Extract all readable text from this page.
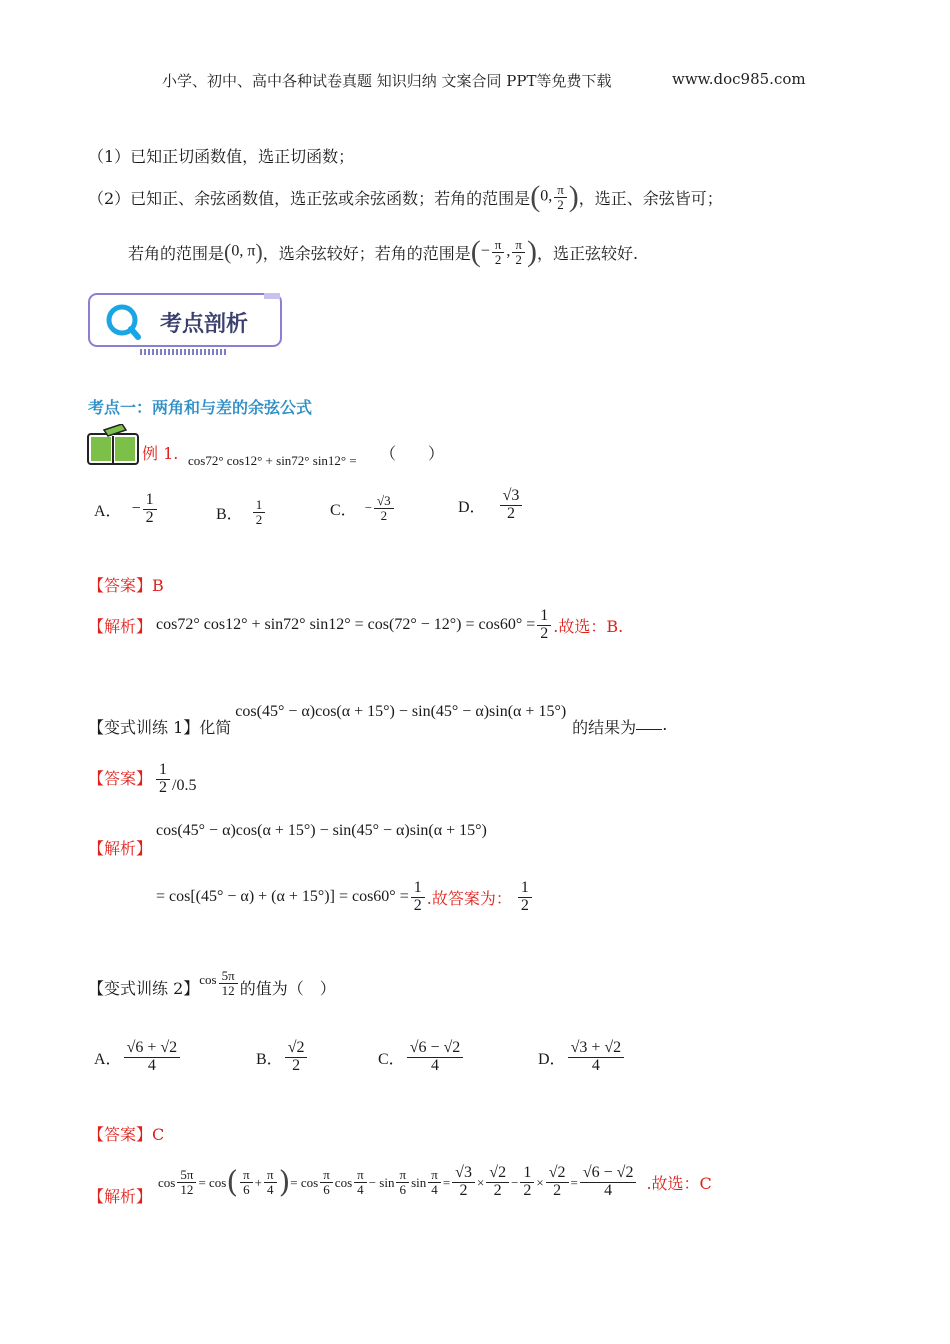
小学、初中、高中各种试卷真题 知识归纳 文案合同 PPT等免费下载	www.doc985.com
（1）已知正切函数值，选正切函数；
（2）已知正、余弦函数值，选正弦或余弦函数；若角的范围是 (0, $\frac{\pi}{2}$ ) ，选正、余弦皆可；
若角的范围是 (0, π) ，选余弦较好；若角的范围是 (− $\frac{\pi}{2}$ , $\frac{\pi}{2}$ ) ，选正弦较好.
考点剖析
考点一：两角和与差的余弦公式
例 1. cos72° cos12° + sin72° sin12° = （　　）
A． − $\frac{1}{2}$	B． $\frac{1}{2}$	C． − $\frac{√3}{2}$	D． $\frac{√3}{2}$
【答案】B
【解析】 cos72° cos12° + sin72° $\sin 12^\circ = \cos(72^\circ - 12^\circ) = \cos 60^\circ = \frac{1}{2}$ .故选：B.
【变式训练 1】 化简
cos(45° − α)cos(α + 15°) − sin(45° − α)sin(α + 15°)
的结果为 .
【答案】 $\frac{1}{2} /0.5$
【解析】
cos(45° − α)cos(α + 15°) − sin(45° − α)sin(α + 15°)
= $\cos[(45^\circ - \alpha) + (\alpha + 15^\circ)] = \cos 60^\circ = \frac{1}{2}$ .故答案为： $\frac{1}{2}$
【变式训练 2】 $\cos \frac{5\pi}{12}$ 的值为（　）
A． $\frac{√6 + √2}{4}$	B． $\frac{√2}{2}$	C． $\frac{√6 - √2}{4}$	D． $\frac{√3 + √2}{4}$
【答案】C
【解析】
$\cos \frac{5\pi}{12} = \cos$ ( $\frac{\pi}{6} + \frac{\pi}{4}$ ) = $\cos \frac{\pi}{6}$ $\cos \frac{\pi}{4} - \sin \frac{\pi}{6}$ $\sin \frac{\pi}{4} = \frac{√3}{2} \times \frac{√2}{2} - \frac{1}{2} \times \frac{√2}{2} = \frac{√6 - √2}{4}$ .故选：C
